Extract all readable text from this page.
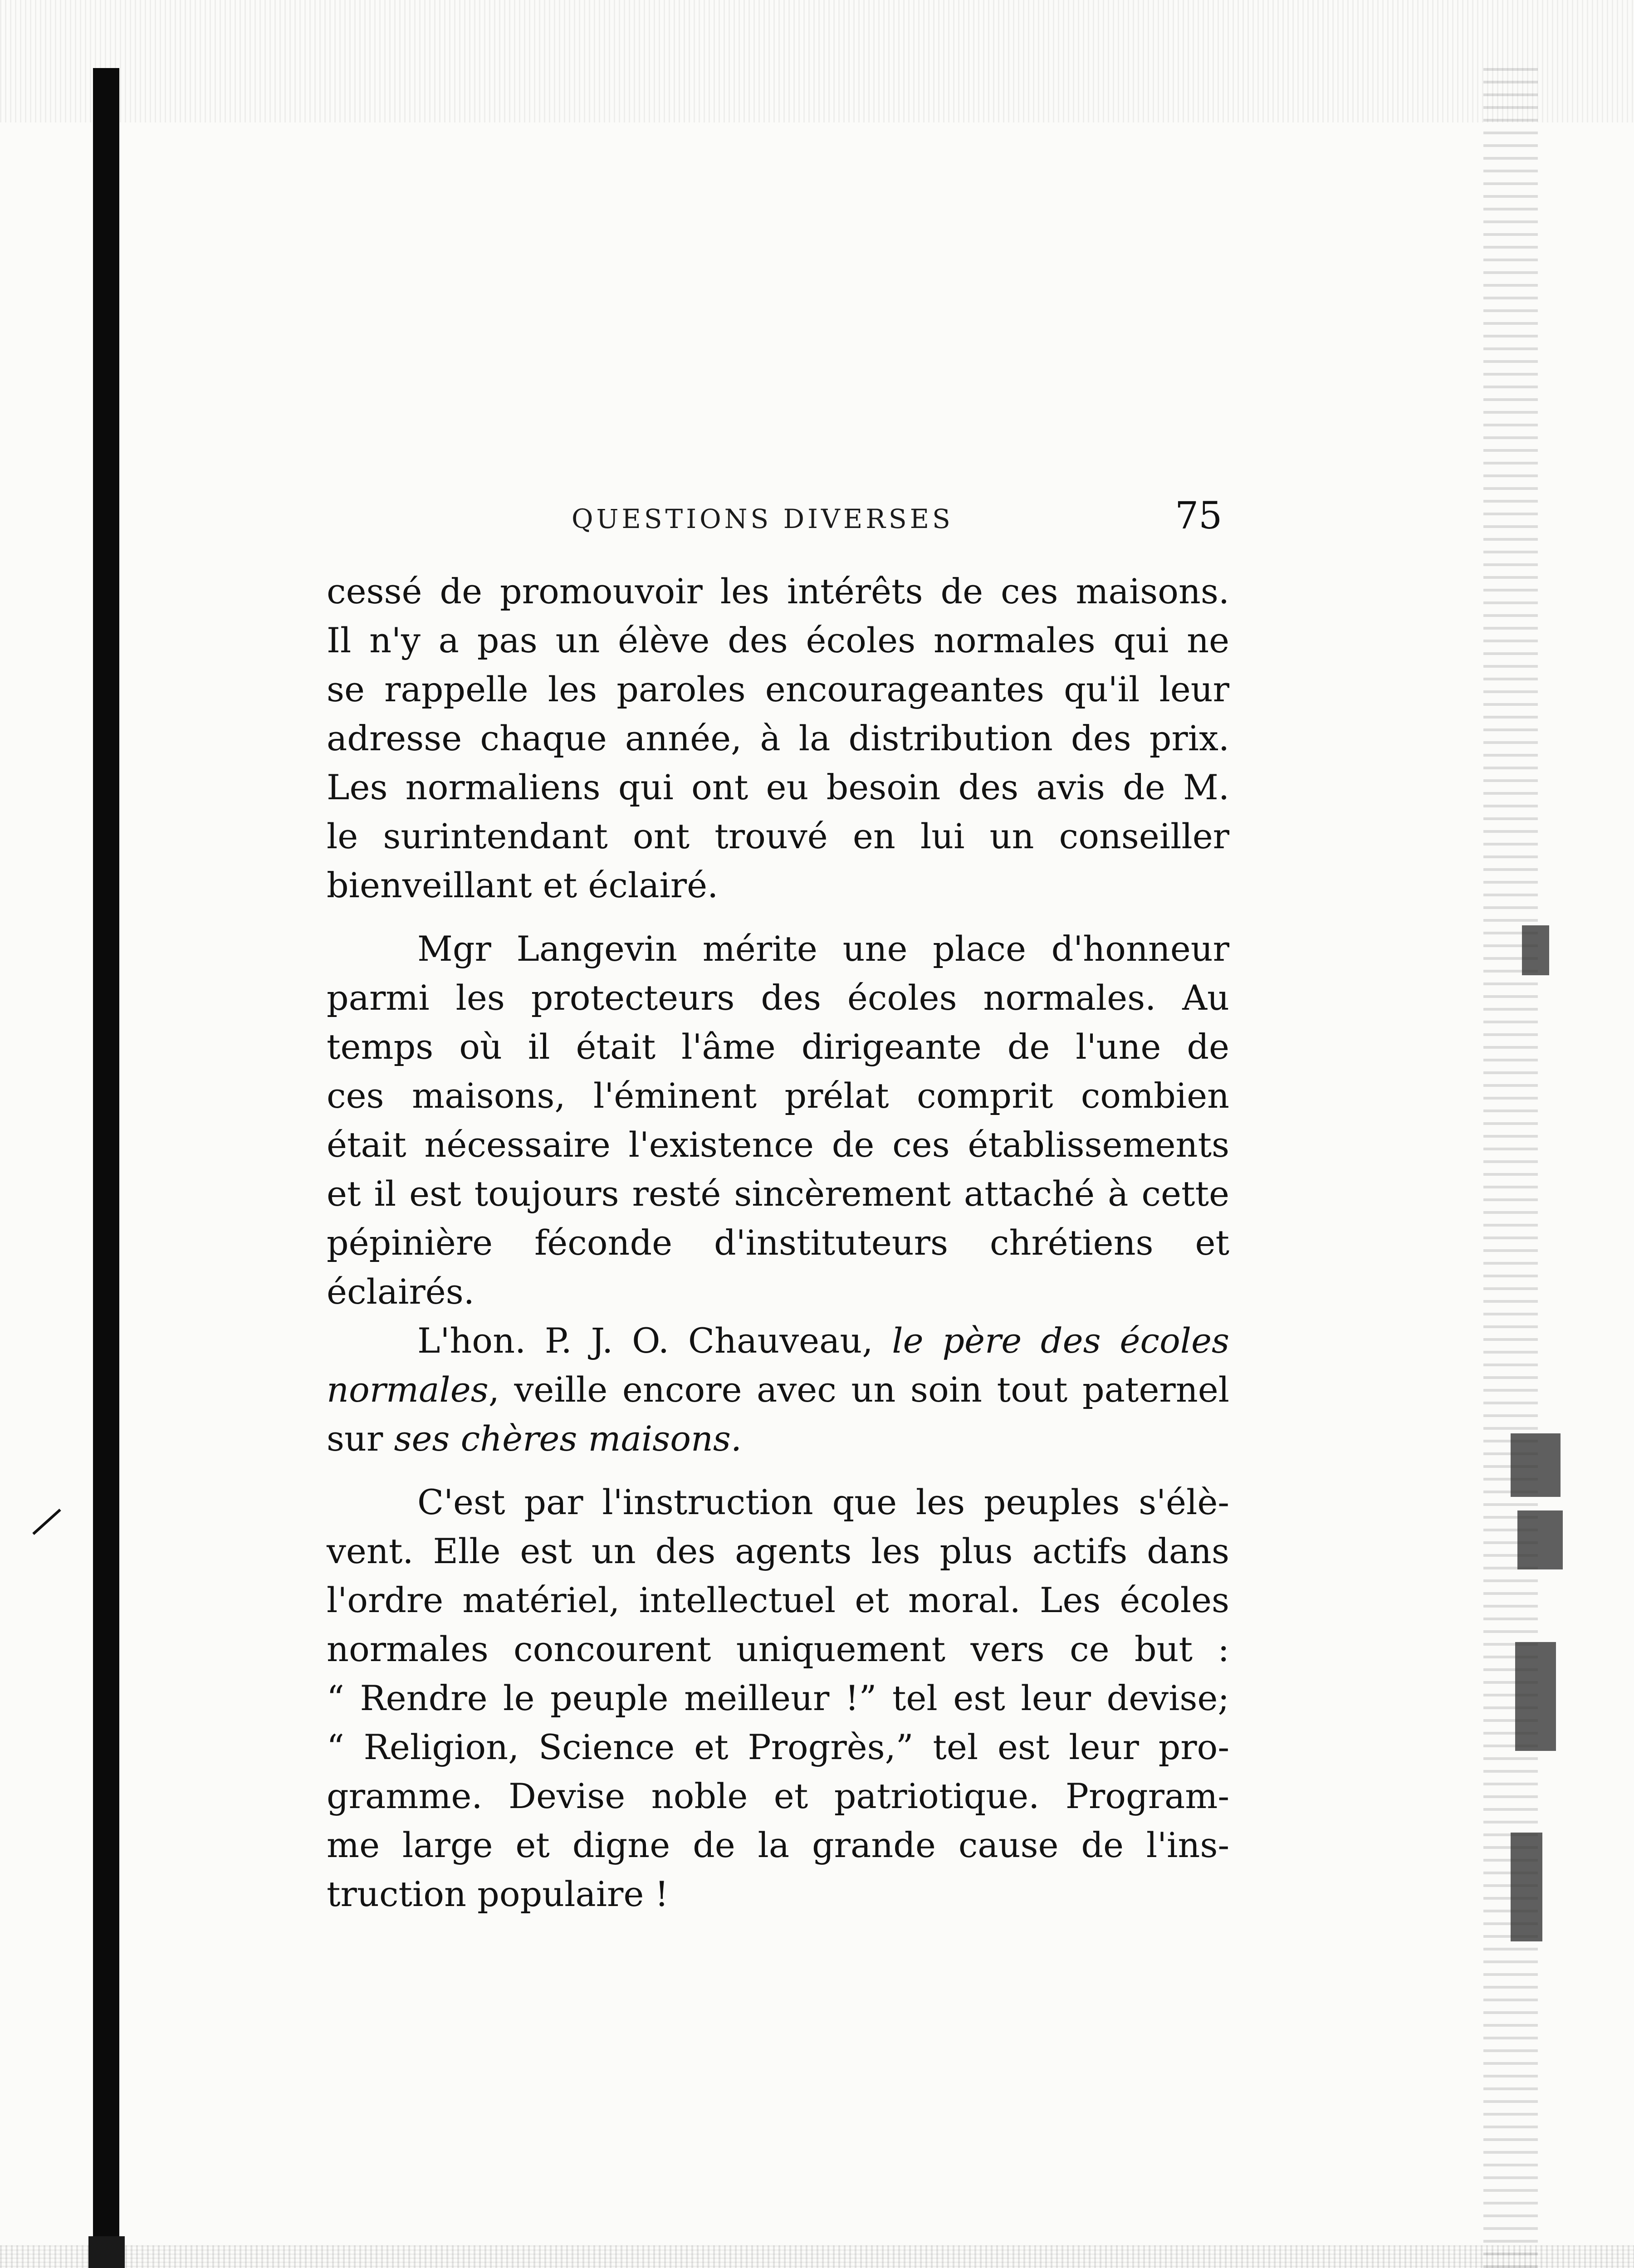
QUESTIONS DIVERSES	75
cessé de promouvoir les intérêts de ces maisons.
Il n'y a pas un élève des écoles normales qui ne
se rappelle les paroles encourageantes qu'il leur
adresse chaque année, à la distribution des prix.
Les normaliens qui ont eu besoin des avis de M.
le surintendant ont trouvé en lui un conseiller
bienveillant et éclairé.
Mgr Langevin mérite une place d'honneur
parmi les protecteurs des écoles normales. Au
temps où il était l'âme dirigeante de l'une de
ces maisons, l'éminent prélat comprit combien
était nécessaire l'existence de ces établissements
et il est toujours resté sincèrement attaché à cette
pépinière féconde d'instituteurs chrétiens et
éclairés.
L'hon. P. J. O. Chauveau, le père des écoles
normales, veille encore avec un soin tout paternel
sur ses chères maisons.
C'est par l'instruction que les peuples s'élè-
vent. Elle est un des agents les plus actifs dans
l'ordre matériel, intellectuel et moral. Les écoles
normales concourent uniquement vers ce but :
“ Rendre le peuple meilleur !” tel est leur devise;
“ Religion, Science et Progrès,” tel est leur pro-
gramme. Devise noble et patriotique. Program-
me large et digne de la grande cause de l'ins-
truction populaire !
